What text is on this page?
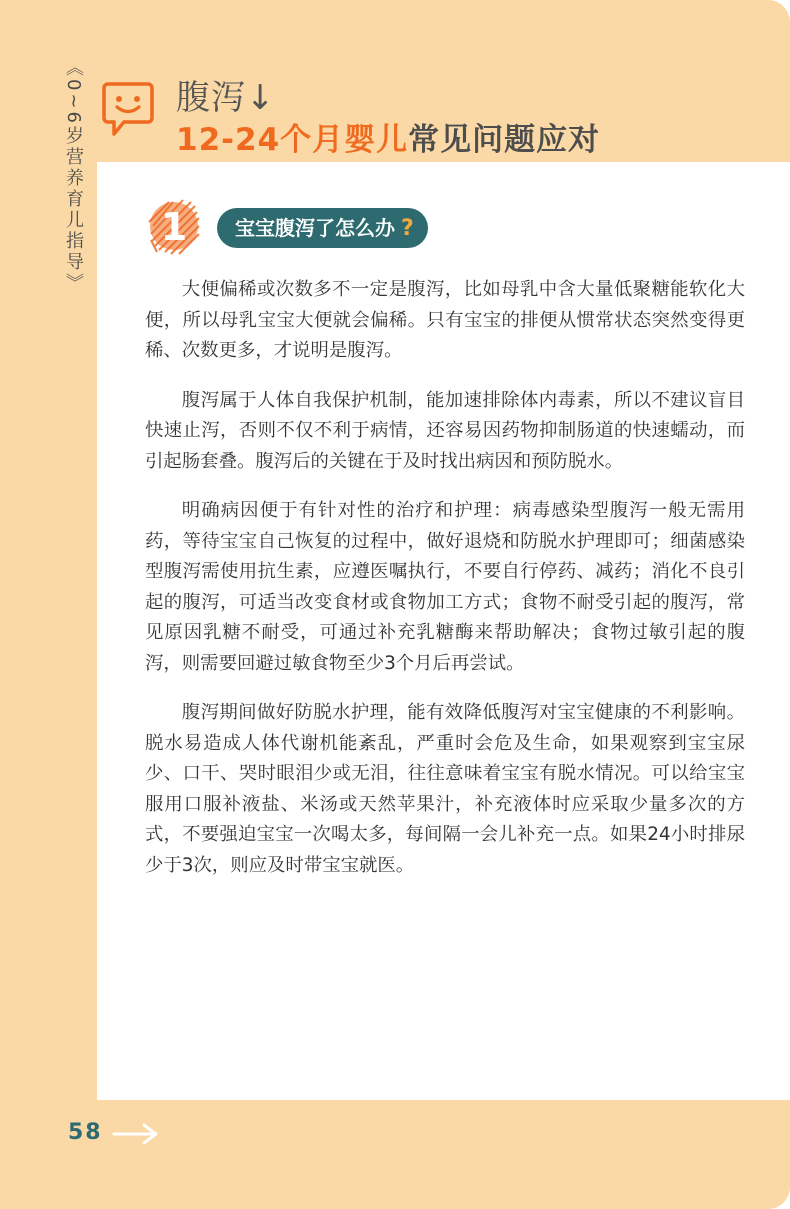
《0~6岁营养育儿指导》	腹泻↓
12-24个月婴儿常见问题应对
1	宝宝腹泻了怎么办 ?

大便偏稀或次数多不一定是腹泻，比如母乳中含大量低聚糖能软化大便，所以母乳宝宝大便就会偏稀。只有宝宝的排便从惯常状态突然变得更稀、次数更多，才说明是腹泻。

腹泻属于人体自我保护机制，能加速排除体内毒素，所以不建议盲目快速止泻，否则不仅不利于病情，还容易因药物抑制肠道的快速蠕动，而引起肠套叠。腹泻后的关键在于及时找出病因和预防脱水。

明确病因便于有针对性的治疗和护理：病毒感染型腹泻一般无需用药，等待宝宝自己恢复的过程中，做好退烧和防脱水护理即可；细菌感染型腹泻需使用抗生素，应遵医嘱执行，不要自行停药、减药；消化不良引起的腹泻，可适当改变食材或食物加工方式；食物不耐受引起的腹泻，常见原因乳糖不耐受，可通过补充乳糖酶来帮助解决；食物过敏引起的腹泻，则需要回避过敏食物至少3个月后再尝试。

腹泻期间做好防脱水护理，能有效降低腹泻对宝宝健康的不利影响。脱水易造成人体代谢机能紊乱，严重时会危及生命，如果观察到宝宝尿少、口干、哭时眼泪少或无泪，往往意味着宝宝有脱水情况。可以给宝宝服用口服补液盐、米汤或天然苹果汁，补充液体时应采取少量多次的方式，不要强迫宝宝一次喝太多，每间隔一会儿补充一点。如果24小时排尿少于3次，则应及时带宝宝就医。

58
